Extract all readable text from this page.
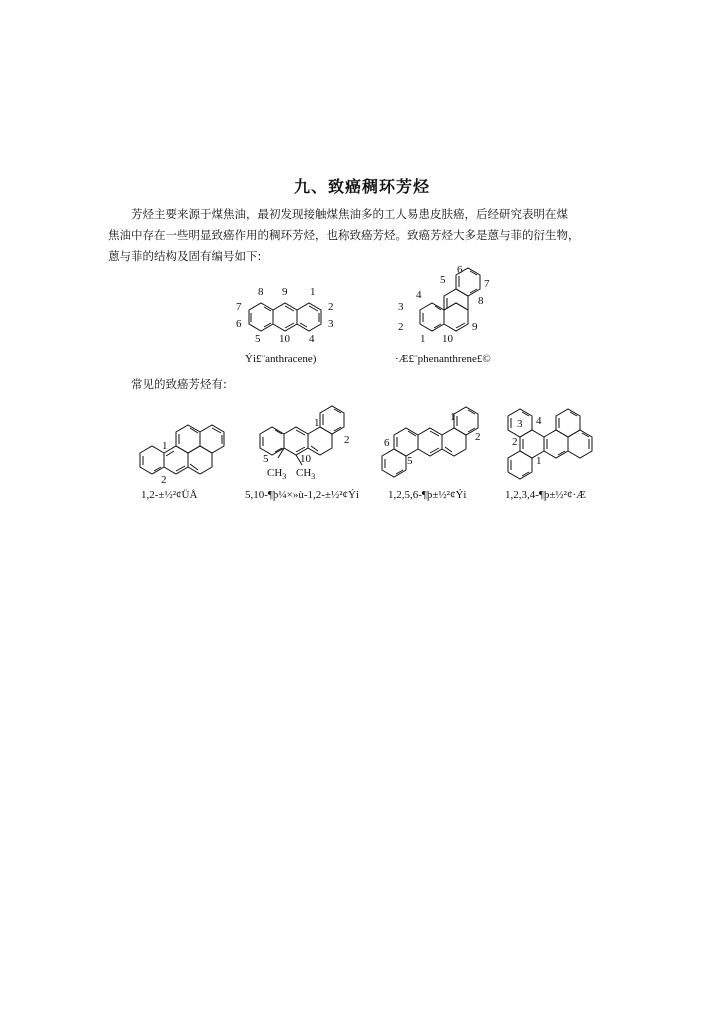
九、致癌稠环芳烃
芳烃主要来源于煤焦油，最初发现接触煤焦油多的工人易患皮肤癌，后经研究表明在煤
焦油中存在一些明显致癌作用的稠环芳烃，也称致癌芳烃。致癌芳烃大多是蒽与菲的衍生物，
蒽与菲的结构及固有编号如下:
8 9 1
7	2
6	3
5 10 4
Ýi£¨anthracene)
6
7
5
8
4
3
2	9
1 10
·Æ£¨phenanthrene£©
常见的致癌芳烃有:
1
2
1,2-±½²¢ÜÅ
1
2
5	10
$CH_3$ $CH_3$
5,10-¶þ¼×»ù-1,2-±½²¢Ýi
1
2
6
5
1,2,5,6-¶þ±½²¢Ýi
3 4
2
1
1,2,3,4-¶þ±½²¢·Æ
